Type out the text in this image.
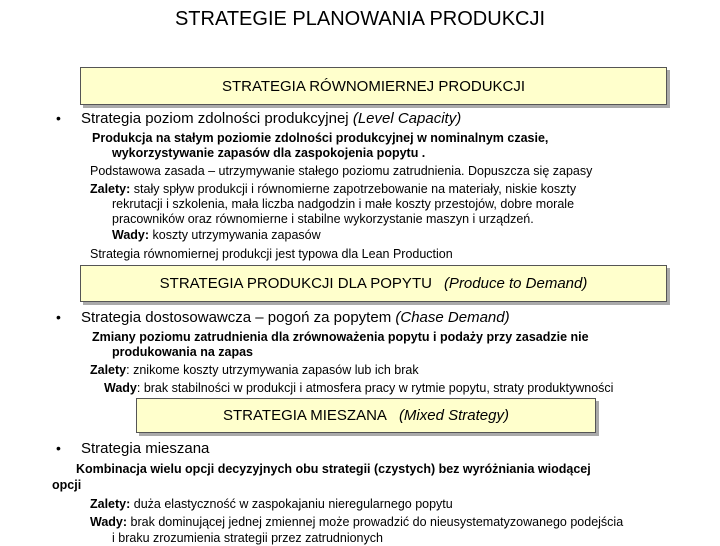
STRATEGIE PLANOWANIA PRODUKCJI
STRATEGIA RÓWNOMIERNEJ PRODUKCJI
• Strategia poziom zdolności produkcyjnej (Level Capacity)
Produkcja na stałym poziomie zdolności produkcyjnej w nominalnym czasie,
wykorzystywanie zapasów dla zaspokojenia popytu .
Podstawowa zasada – utrzymywanie stałego poziomu zatrudnienia. Dopuszcza się zapasy
Zalety: stały spływ produkcji i równomierne zapotrzebowanie na materiały, niskie koszty
rekrutacji i szkolenia, mała liczba nadgodzin i małe koszty przestojów, dobre morale
pracowników oraz równomierne i stabilne wykorzystanie maszyn i urządzeń.
Wady: koszty utrzymywania zapasów
Strategia równomiernej produkcji jest typowa dla Lean Production
STRATEGIA PRODUKCJI DLA POPYTU (Produce to Demand)
• Strategia dostosowawcza – pogoń za popytem (Chase Demand)
Zmiany poziomu zatrudnienia dla zrównoważenia popytu i podaży przy zasadzie nie
produkowania na zapas
Zalety: znikome koszty utrzymywania zapasów lub ich brak
Wady: brak stabilności w produkcji i atmosfera pracy w rytmie popytu, straty produktywności
STRATEGIA MIESZANA (Mixed Strategy)
• Strategia mieszana
Kombinacja wielu opcji decyzyjnych obu strategii (czystych) bez wyróżniania wiodącej
opcji
Zalety: duża elastyczność w zaspokajaniu nieregularnego popytu
Wady: brak dominującej jednej zmiennej może prowadzić do nieusystematyzowanego podejścia
i braku zrozumienia strategii przez zatrudnionych
